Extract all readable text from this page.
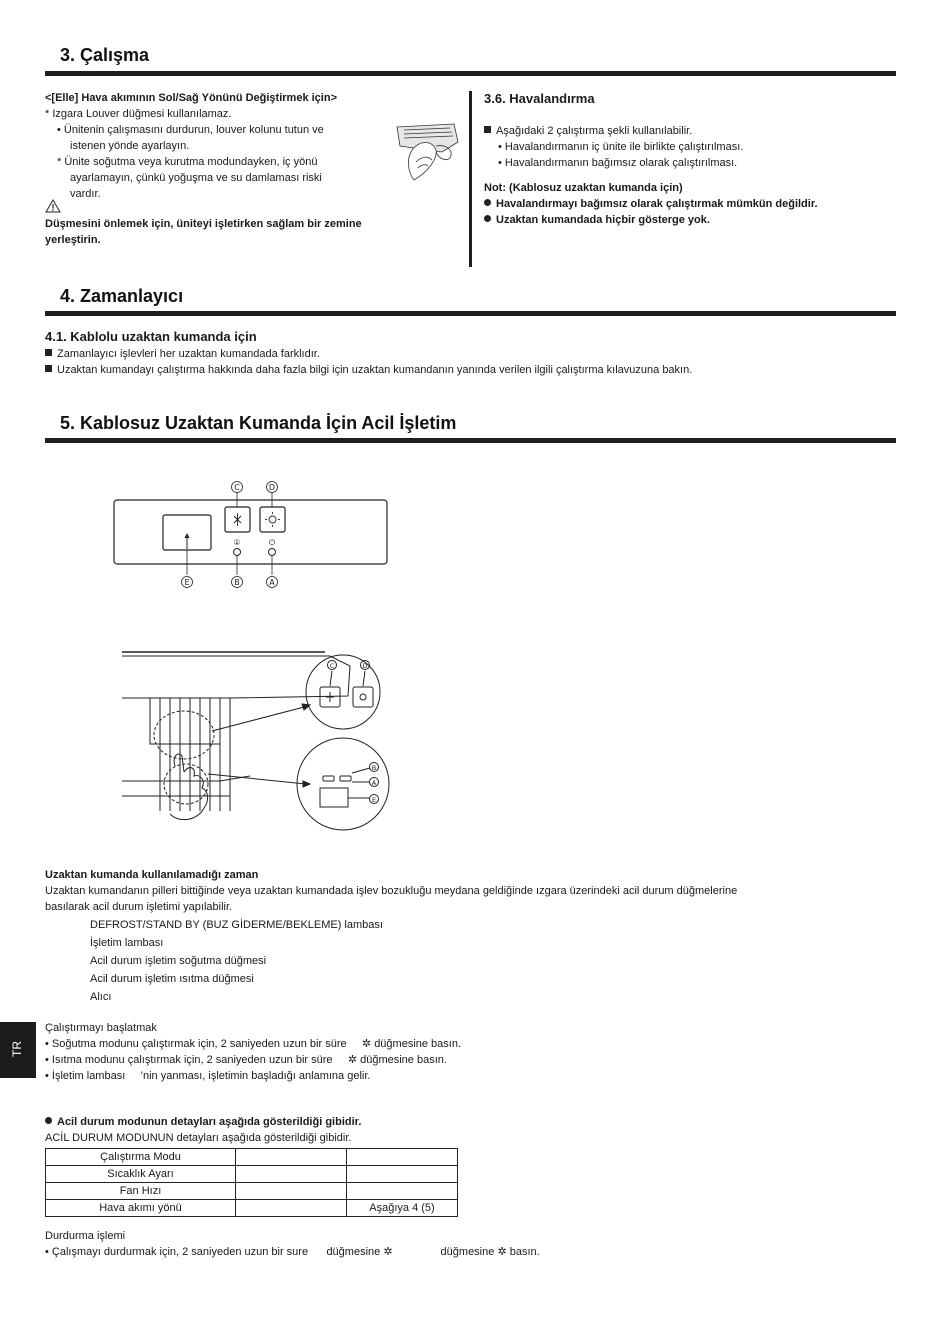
3. Çalışma
<[Elle] Hava akımının Sol/Sağ Yönünü Değiştirmek için>
* Izgara Louver düğmesi kullanılamaz.
• Ünitenin çalışmasını durdurun, louver kolunu tutun ve
istenen yönde ayarlayın.
* Ünite soğutma veya kurutma modundayken, iç yönü
ayarlamayın, çünkü yoğuşma ve su damlaması riski
vardır.
Düşmesini önlemek için, üniteyi işletirken sağlam bir zemine
yerleştirin.
3.6. Havalandırma
Aşağıdaki 2 çalıştırma şekli kullanılabilir.
• Havalandırmanın iç ünite ile birlikte çalıştırılması.
• Havalandırmanın bağımsız olarak çalıştırılması.
Not: (Kablosuz uzaktan kumanda için)
Havalandırmayı bağımsız olarak çalıştırmak mümkün değildir.
Uzaktan kumandada hiçbir gösterge yok.
4. Zamanlayıcı
4.1. Kablolu uzaktan kumanda için
Zamanlayıcı işlevleri her uzaktan kumandada farklıdır.
Uzaktan kumandayı çalıştırma hakkında daha fazla bilgi için uzaktan kumandanın yanında verilen ilgili çalıştırma kılavuzuna bakın.
5. Kablosuz Uzaktan Kumanda İçin Acil İşletim
①	⏻
C	D
E	B	A
C	D
B
A
E
Uzaktan kumanda kullanılamadığı zaman
Uzaktan kumandanın pilleri bittiğinde veya uzaktan kumandada işlev bozukluğu meydana geldiğinde ızgara üzerindeki acil durum düğmelerine
basılarak acil durum işletimi yapılabilir.
DEFROST/STAND BY (BUZ GİDERME/BEKLEME) lambası
İşletim lambası
Acil durum işletim soğutma düğmesi
Acil durum işletim ısıtma düğmesi
Alıcı
Çalıştırmayı başlatmak
• Soğutma modunu çalıştırmak için, 2 saniyeden uzun bir süre ✲ düğmesine basın.
• Isıtma modunu çalıştırmak için, 2 saniyeden uzun bir süre ✲ düğmesine basın.
• İşletim lambası ’nin yanması, işletimin başladığı anlamına gelir.
Acil durum modunun detayları aşağıda gösterildiği gibidir.
ACİL DURUM MODUNUN detayları aşağıda gösterildiği gibidir.
Çalıştırma Modu		
Sıcaklık Ayarı		
Fan Hızı		
Hava akımı yönü		Aşağıya 4 (5)
Durdurma işlemi
• Çalışmayı durdurmak için, 2 saniyeden uzun bir sure düğmesine ✲	düğmesine ✲ basın.
TR
